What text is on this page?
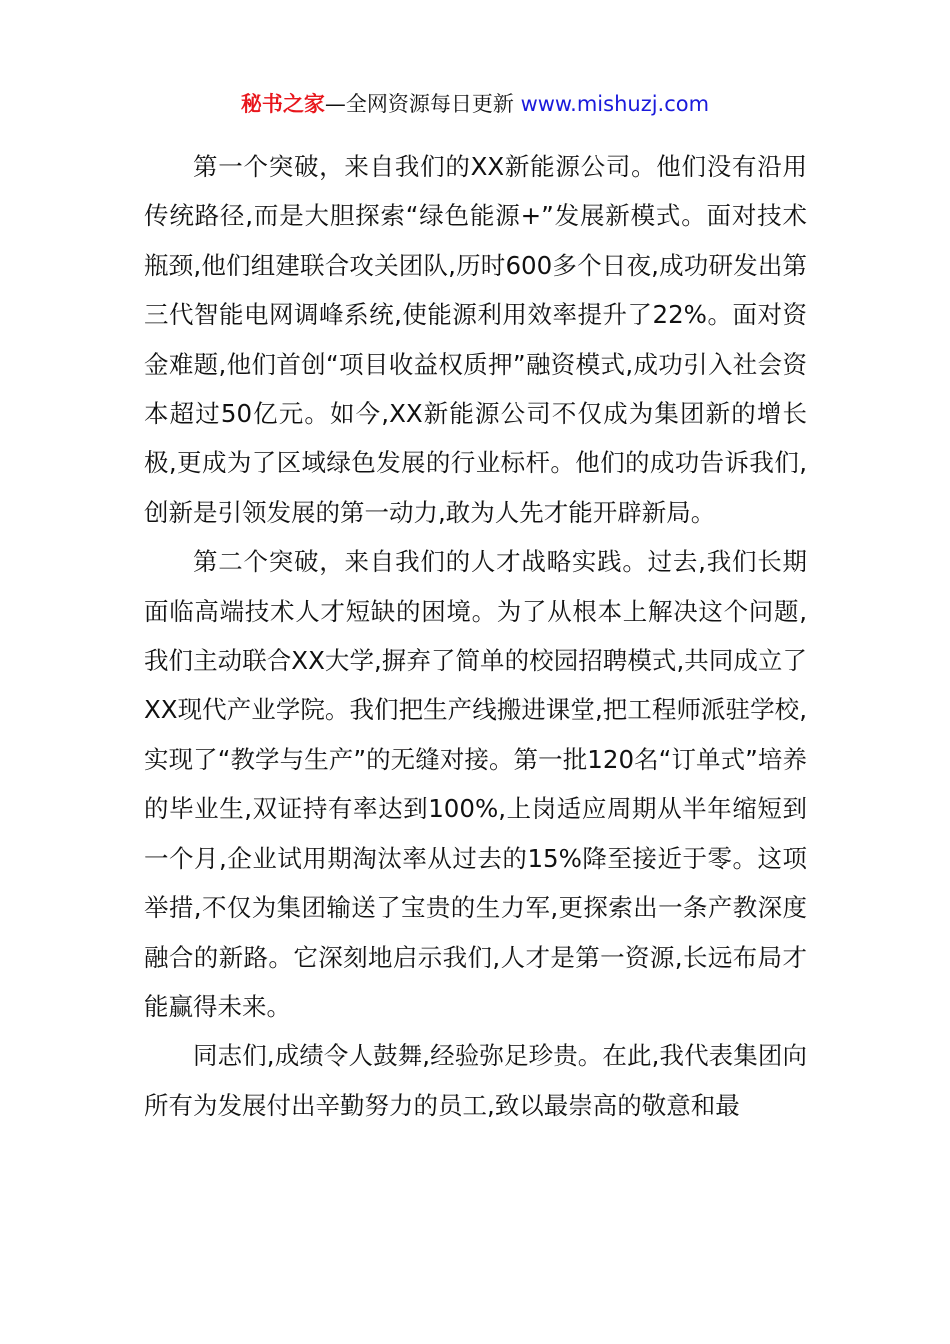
秘书之家—全网资源每日更新 www.mishuzj.com

第一个突破，来自我们的XX新能源公司。他们没有沿用传统路径,而是大胆探索“绿色能源+”发展新模式。面对技术瓶颈,他们组建联合攻关团队,历时600多个日夜,成功研发出第三代智能电网调峰系统,使能源利用效率提升了22%。面对资金难题,他们首创“项目收益权质押”融资模式,成功引入社会资本超过50亿元。如今,XX新能源公司不仅成为集团新的增长极,更成为了区域绿色发展的行业标杆。他们的成功告诉我们,创新是引领发展的第一动力,敢为人先才能开辟新局。

第二个突破，来自我们的人才战略实践。过去,我们长期面临高端技术人才短缺的困境。为了从根本上解决这个问题,我们主动联合XX大学,摒弃了简单的校园招聘模式,共同成立了XX现代产业学院。我们把生产线搬进课堂,把工程师派驻学校,实现了“教学与生产”的无缝对接。第一批120名“订单式”培养的毕业生,双证持有率达到100%,上岗适应周期从半年缩短到一个月,企业试用期淘汰率从过去的15%降至接近于零。这项举措,不仅为集团输送了宝贵的生力军,更探索出一条产教深度融合的新路。它深刻地启示我们,人才是第一资源,长远布局才能赢得未来。

同志们,成绩令人鼓舞,经验弥足珍贵。在此,我代表集团向所有为发展付出辛勤努力的员工,致以最崇高的敬意和最
